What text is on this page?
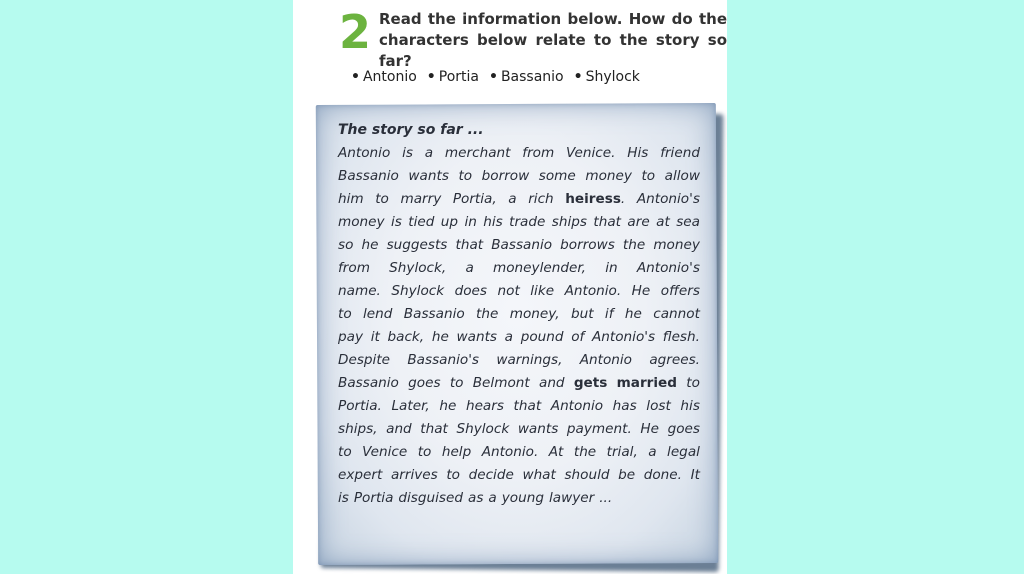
2 Read the information below. How do the characters below relate to the story so far?
• Antonio • Portia • Bassanio • Shylock
The story so far ...
Antonio is a merchant from Venice. His friend
Bassanio wants to borrow some money to allow
him to marry Portia, a rich heiress. Antonio's
money is tied up in his trade ships that are at sea
so he suggests that Bassanio borrows the money
from Shylock, a moneylender, in Antonio's
name. Shylock does not like Antonio. He offers
to lend Bassanio the money, but if he cannot
pay it back, he wants a pound of Antonio's flesh.
Despite Bassanio's warnings, Antonio agrees.
Bassanio goes to Belmont and gets married to
Portia. Later, he hears that Antonio has lost his
ships, and that Shylock wants payment. He goes
to Venice to help Antonio. At the trial, a legal
expert arrives to decide what should be done. It
is Portia disguised as a young lawyer ...
